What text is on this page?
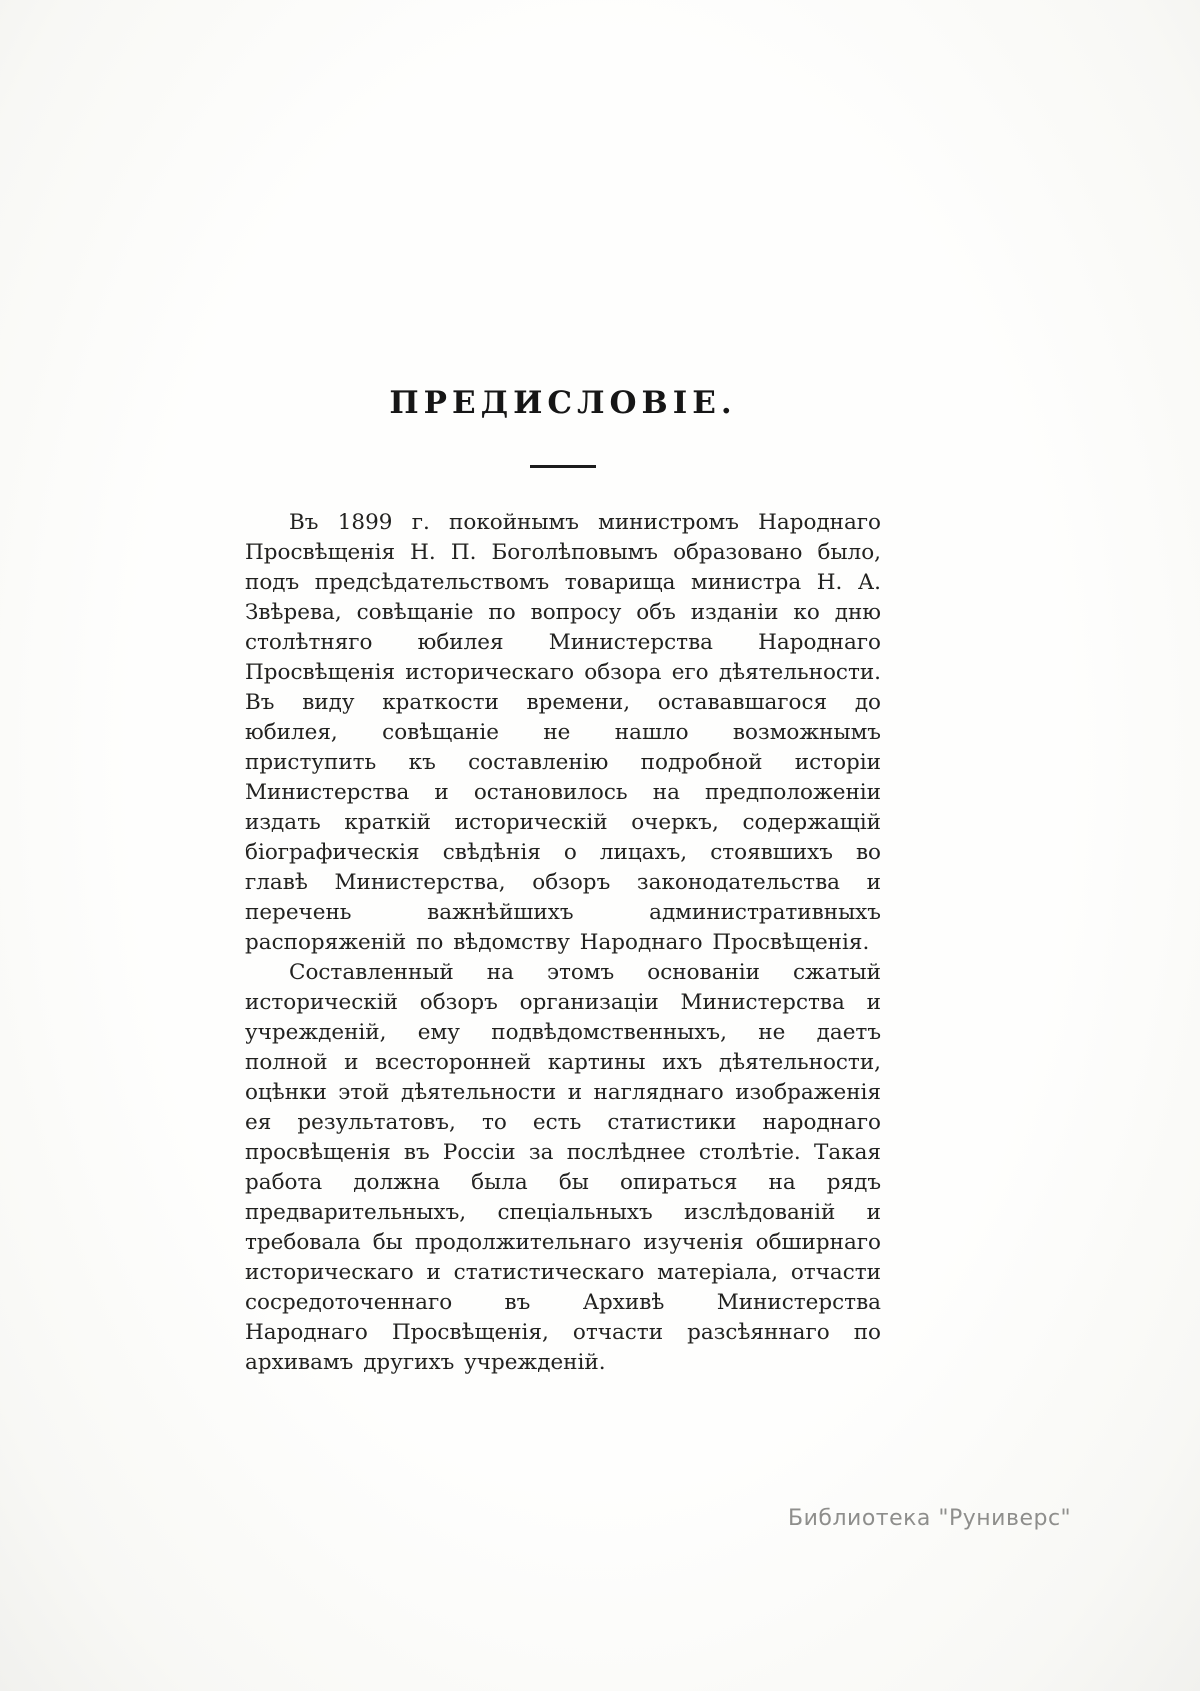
ПРЕДИСЛОВІЕ.

Въ 1899 г. покойнымъ министромъ Народнаго Просвѣщенія Н. П. Боголѣповымъ образовано было, подъ предсѣдательствомъ товарища министра Н. А. Звѣрева, совѣщаніе по вопросу объ изданіи ко дню столѣтняго юбилея Министерства Народнаго Просвѣщенія историческаго обзора его дѣятельности. Въ виду краткости времени, остававшагося до юбилея, совѣщаніе не нашло возможнымъ приступить къ составленію подробной исторіи Министерства и остановилось на предположеніи издать краткій историческій очеркъ, содержащій біографическія свѣдѣнія о лицахъ, стоявшихъ во главѣ Министерства, обзоръ законодательства и перечень важнѣйшихъ административныхъ распоряженій по вѣдомству Народнаго Просвѣщенія.

Составленный на этомъ основаніи сжатый историческій обзоръ организаціи Министерства и учрежденій, ему подвѣдомственныхъ, не даетъ полной и всесторонней картины ихъ дѣятельности, оцѣнки этой дѣятельности и нагляднаго изображенія ея результатовъ, то есть статистики народнаго просвѣщенія въ Россіи за послѣднее столѣтіе. Такая работа должна была бы опираться на рядъ предварительныхъ, спеціальныхъ изслѣдованій и требовала бы продолжительнаго изученія обширнаго историческаго и статистическаго матеріала, отчасти сосредоточеннаго въ Архивѣ Министерства Народнаго Просвѣщенія, отчасти разсѣяннаго по архивамъ другихъ учрежденій.

Библиотека "Руниверс"
